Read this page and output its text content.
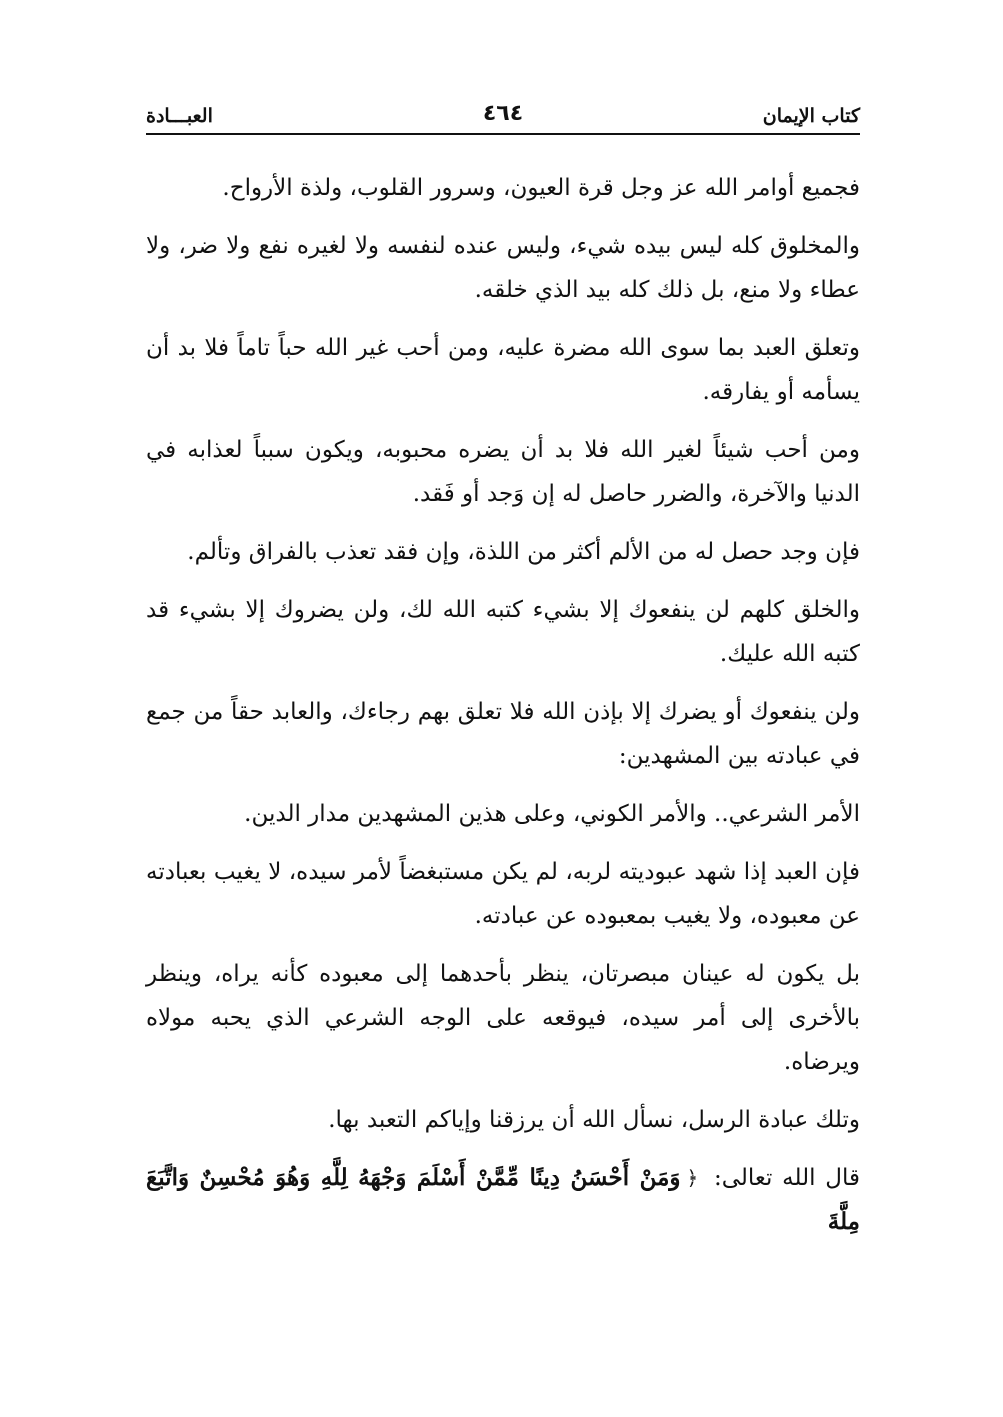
كتاب الإيمان
٤٦٤
العبـــادة

فجميع أوامر الله عز وجل قرة العيون، وسرور القلوب، ولذة الأرواح.

والمخلوق كله ليس بيده شيء، وليس عنده لنفسه ولا لغيره نفع ولا ضر، ولا عطاء ولا منع، بل ذلك كله بيد الذي خلقه.

وتعلق العبد بما سوى الله مضرة عليه، ومن أحب غير الله حباً تاماً فلا بد أن يسأمه أو يفارقه.

ومن أحب شيئاً لغير الله فلا بد أن يضره محبوبه، ويكون سبباً لعذابه في الدنيا والآخرة، والضرر حاصل له إن وَجد أو فَقد.

فإن وجد حصل له من الألم أكثر من اللذة، وإن فقد تعذب بالفراق وتألم.

والخلق كلهم لن ينفعوك إلا بشيء كتبه الله لك، ولن يضروك إلا بشيء قد كتبه الله عليك.

ولن ينفعوك أو يضرك إلا بإذن الله فلا تعلق بهم رجاءك، والعابد حقاً من جمع في عبادته بين المشهدين:

الأمر الشرعي.. والأمر الكوني، وعلى هذين المشهدين مدار الدين.

فإن العبد إذا شهد عبوديته لربه، لم يكن مستبغضاً لأمر سيده، لا يغيب بعبادته عن معبوده، ولا يغيب بمعبوده عن عبادته.

بل يكون له عينان مبصرتان، ينظر بأحدهما إلى معبوده كأنه يراه، وينظر بالأخرى إلى أمر سيده، فيوقعه على الوجه الشرعي الذي يحبه مولاه ويرضاه.

وتلك عبادة الرسل، نسأل الله أن يرزقنا وإياكم التعبد بها.

قال الله تعالى: ﴿وَمَنْ أَحْسَنُ دِينًا مِّمَّنْ أَسْلَمَ وَجْهَهُ لِلَّهِ وَهُوَ مُحْسِنٌ وَاتَّبَعَ مِلَّةَ
